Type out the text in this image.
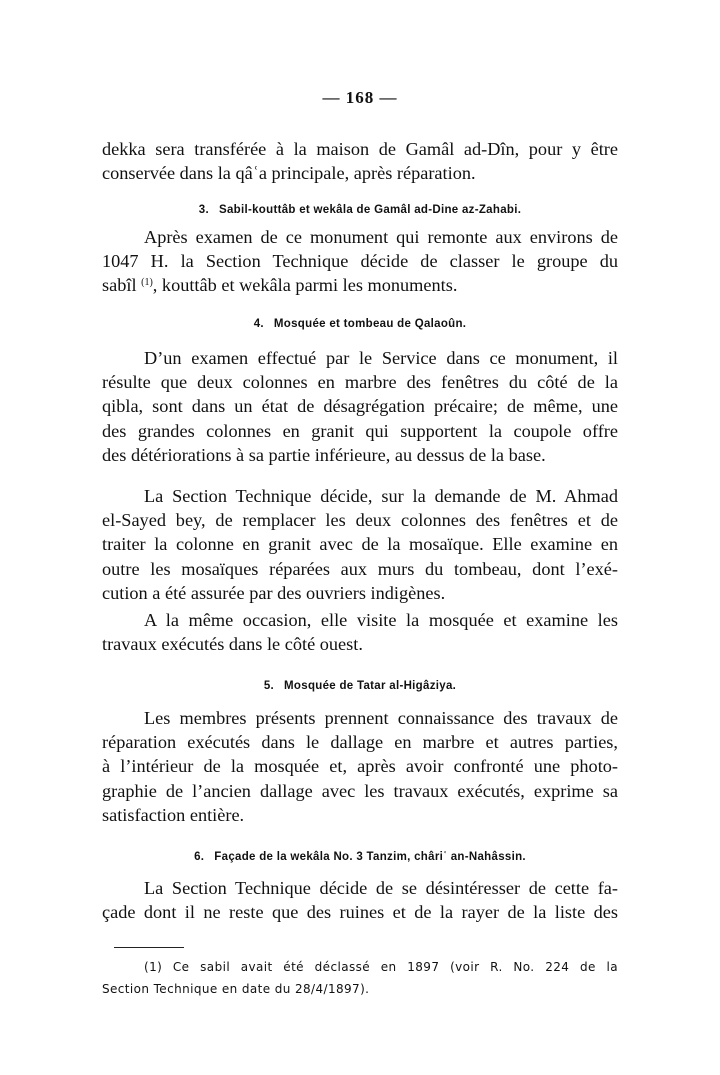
— 168 —

dekka sera transférée à la maison de Gamâl ad-Dîn, pour y être
conservée dans la qâʿa principale, après réparation.

3. Sabil-kouttâb et wekâla de Gamâl ad-Dine az-Zahabi.

Après examen de ce monument qui remonte aux environs de
1047 H. la Section Technique décide de classer le groupe du
sabîl $^{(1)}$, kouttâb et wekâla parmi les monuments.

4. Mosquée et tombeau de Qalaoûn.

D’un examen effectué par le Service dans ce monument, il
résulte que deux colonnes en marbre des fenêtres du côté de la
qibla, sont dans un état de désagrégation précaire; de même, une
des grandes colonnes en granit qui supportent la coupole offre
des détériorations à sa partie inférieure, au dessus de la base.

La Section Technique décide, sur la demande de M. Ahmad
el-Sayed bey, de remplacer les deux colonnes des fenêtres et de
traiter la colonne en granit avec de la mosaïque. Elle examine en
outre les mosaïques réparées aux murs du tombeau, dont l’exé-
cution a été assurée par des ouvriers indigènes.

A la même occasion, elle visite la mosquée et examine les
travaux exécutés dans le côté ouest.

5. Mosquée de Tatar al-Higâziya.

Les membres présents prennent connaissance des travaux de
réparation exécutés dans le dallage en marbre et autres parties,
à l’intérieur de la mosquée et, après avoir confronté une photo-
graphie de l’ancien dallage avec les travaux exécutés, exprime sa
satisfaction entière.

6. Façade de la wekâla No. 3 Tanzim, châriʿ an-Nahâssin.

La Section Technique décide de se désintéresser de cette fa-
çade dont il ne reste que des ruines et de la rayer de la liste des

(1) Ce sabil avait été déclassé en 1897 (voir R. No. 224 de la
Section Technique en date du 28/4/1897).
